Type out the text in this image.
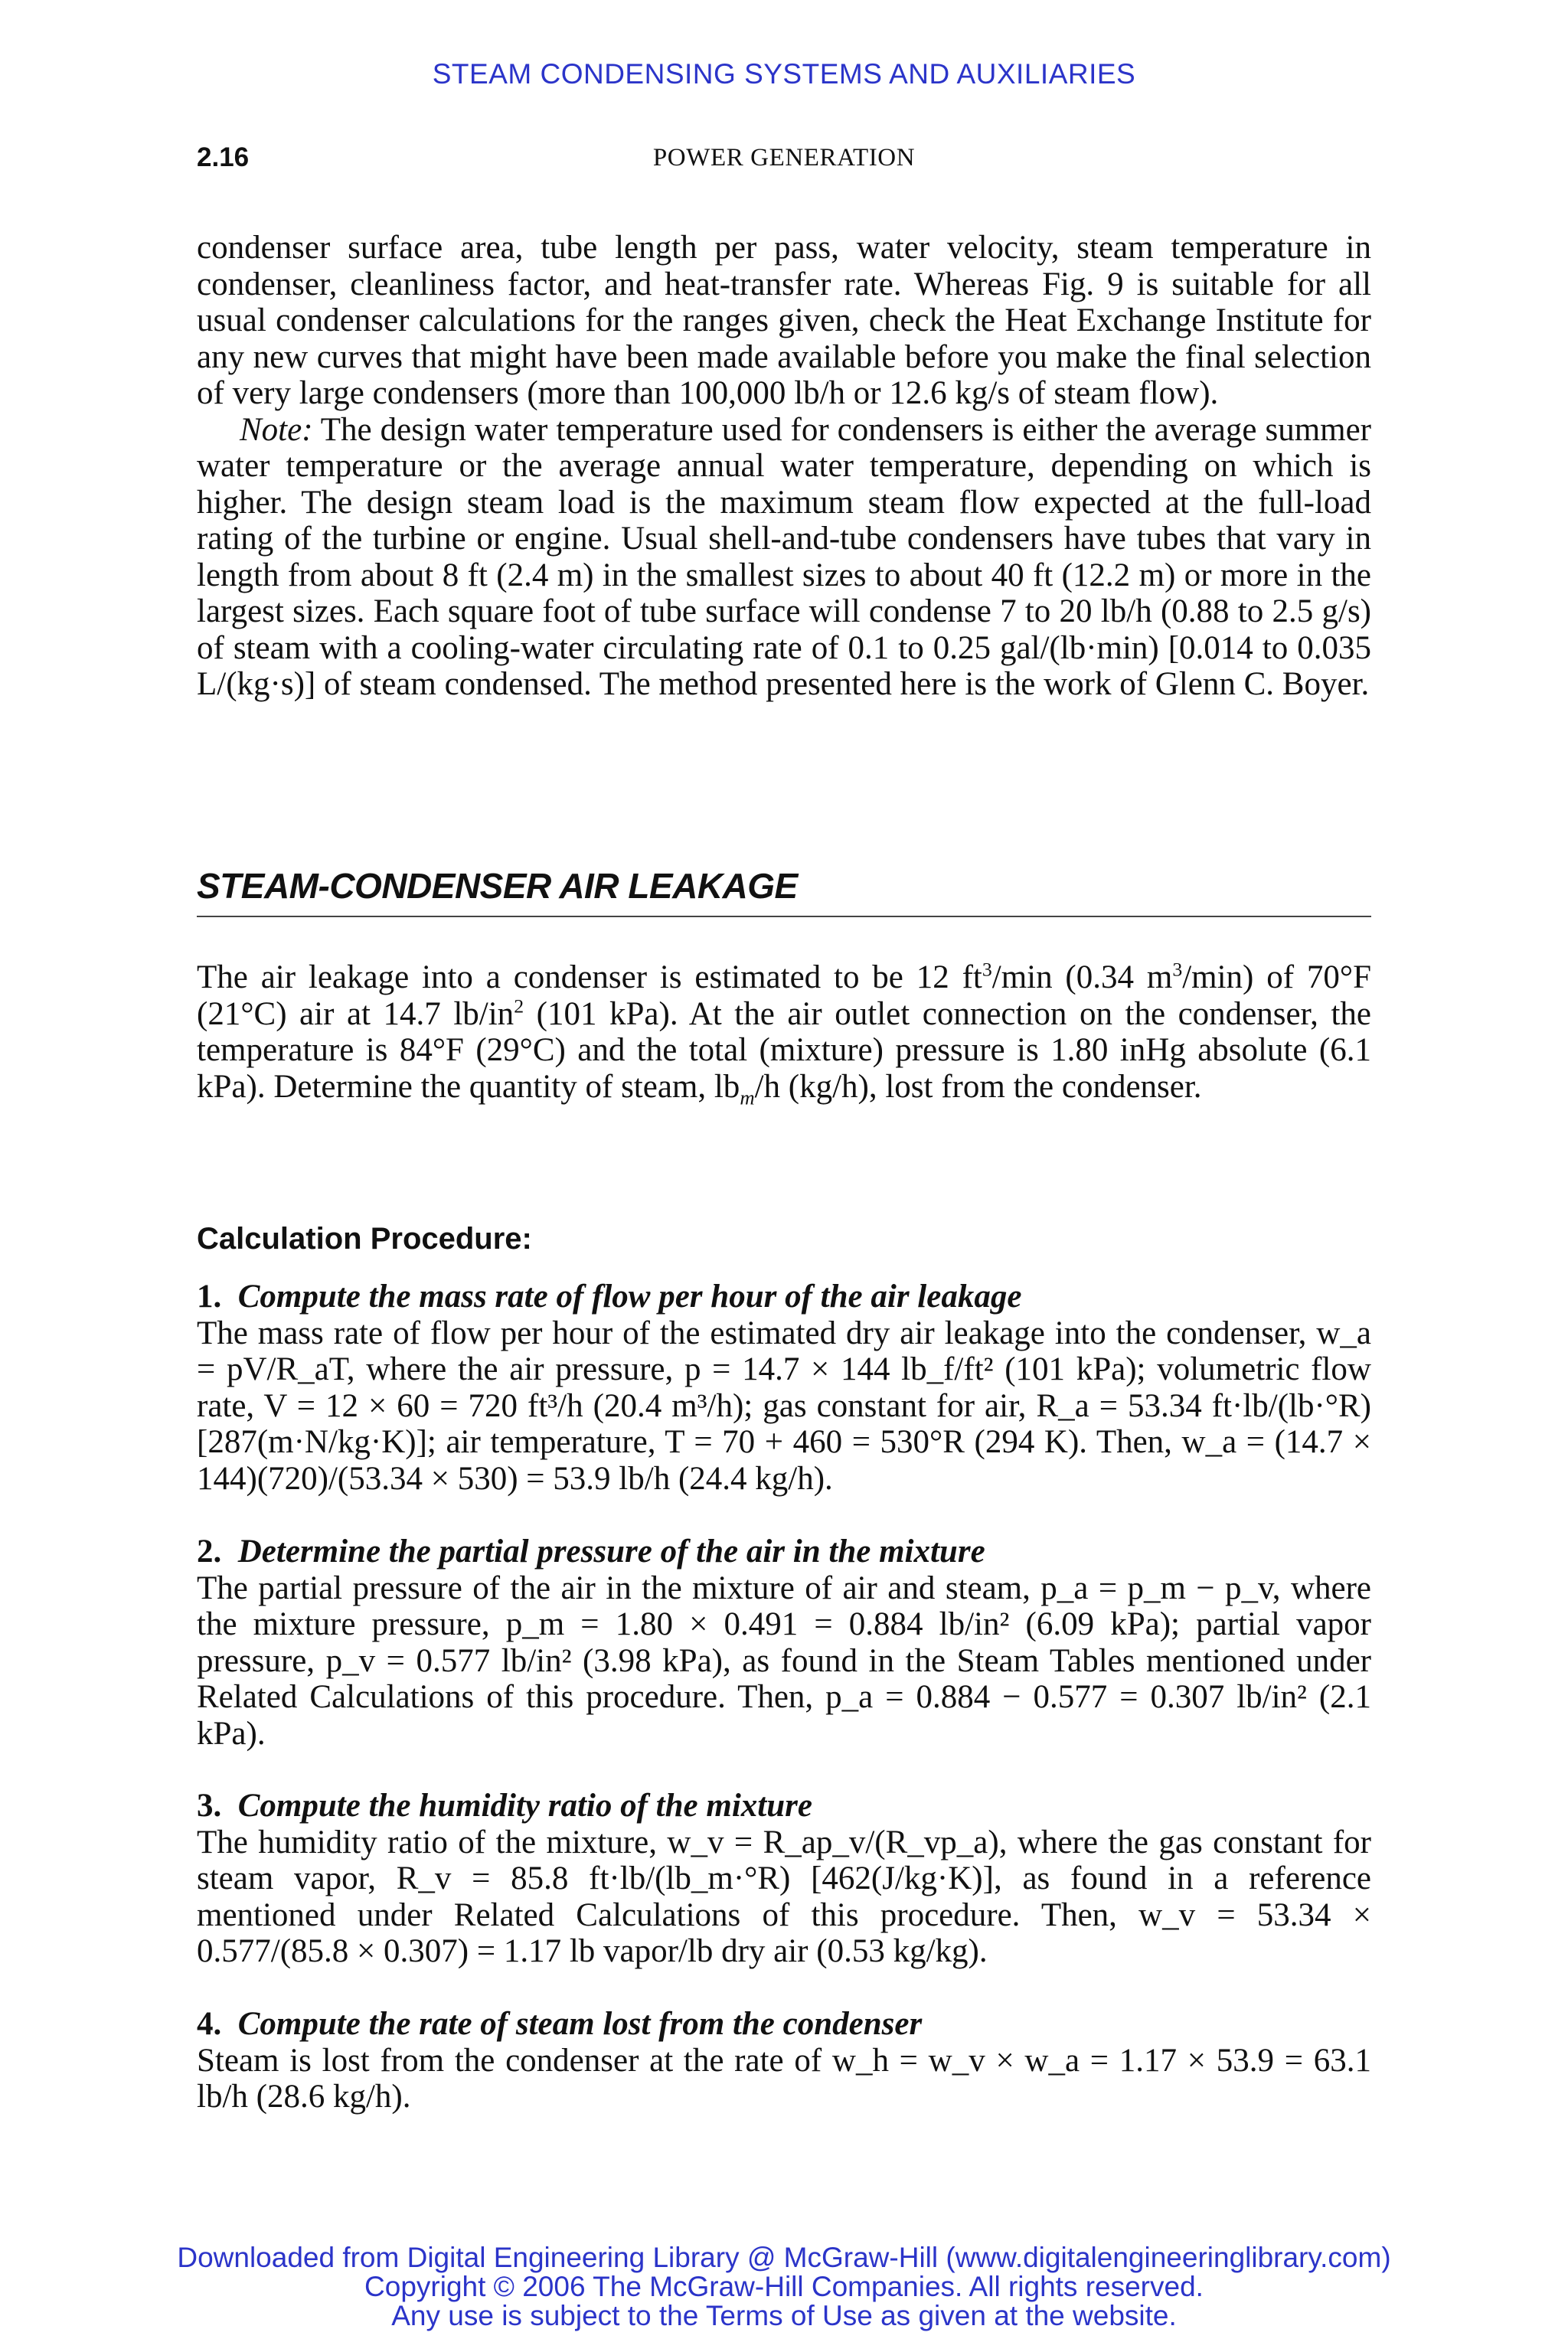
STEAM CONDENSING SYSTEMS AND AUXILIARIES
2.16	POWER GENERATION

condenser surface area, tube length per pass, water velocity, steam temperature in condenser, cleanliness factor, and heat-transfer rate. Whereas Fig. 9 is suitable for all usual condenser calculations for the ranges given, check the Heat Exchange Institute for any new curves that might have been made available before you make the final selection of very large condensers (more than 100,000 lb/h or 12.6 kg/s of steam flow).

Note: The design water temperature used for condensers is either the average summer water temperature or the average annual water temperature, depending on which is higher. The design steam load is the maximum steam flow expected at the full-load rating of the turbine or engine. Usual shell-and-tube condensers have tubes that vary in length from about 8 ft (2.4 m) in the smallest sizes to about 40 ft (12.2 m) or more in the largest sizes. Each square foot of tube surface will condense 7 to 20 lb/h (0.88 to 2.5 g/s) of steam with a cooling-water circulating rate of 0.1 to 0.25 gal/(lb·min) [0.014 to 0.035 L/(kg·s)] of steam condensed. The method presented here is the work of Glenn C. Boyer.

STEAM-CONDENSER AIR LEAKAGE

The air leakage into a condenser is estimated to be 12 $ft^3/\min$ (0.34 $m^3/\min$) of 70°F (21°C) air at 14.7 $lb/in^2$ (101 kPa). At the air outlet connection on the condenser, the temperature is 84°F (29°C) and the total (mixture) pressure is 1.80 inHg absolute (6.1 kPa). Determine the quantity of steam, $lb_m/h$ (kg/h), lost from the condenser.

Calculation Procedure:

1. Compute the mass rate of flow per hour of the air leakage

The mass rate of flow per hour of the estimated dry air leakage into the condenser, w_a = pV/R_aT, where the air pressure, p = 14.7 × 144 lb_f/ft² (101 kPa); volumetric flow rate, V = 12 × 60 = 720 ft³/h (20.4 m³/h); gas constant for air, R_a = 53.34 ft·lb/(lb·°R) [287(m·N/kg·K)]; air temperature, T = 70 + 460 = 530°R (294 K). Then, w_a = (14.7 × 144)(720)/(53.34 × 530) = 53.9 lb/h (24.4 kg/h).

2. Determine the partial pressure of the air in the mixture

The partial pressure of the air in the mixture of air and steam, p_a = p_m − p_v, where the mixture pressure, p_m = 1.80 × 0.491 = 0.884 lb/in² (6.09 kPa); partial vapor pressure, p_v = 0.577 lb/in² (3.98 kPa), as found in the Steam Tables mentioned under Related Calculations of this procedure. Then, p_a = 0.884 − 0.577 = 0.307 lb/in² (2.1 kPa).

3. Compute the humidity ratio of the mixture

The humidity ratio of the mixture, w_v = R_ap_v/(R_vp_a), where the gas constant for steam vapor, R_v = 85.8 ft·lb/(lb_m·°R) [462(J/kg·K)], as found in a reference mentioned under Related Calculations of this procedure. Then, w_v = 53.34 × 0.577/(85.8 × 0.307) = 1.17 lb vapor/lb dry air (0.53 kg/kg).

4. Compute the rate of steam lost from the condenser

Steam is lost from the condenser at the rate of w_h = w_v × w_a = 1.17 × 53.9 = 63.1 lb/h (28.6 kg/h).

Downloaded from Digital Engineering Library @ McGraw-Hill (www.digitalengineeringlibrary.com)
Copyright © 2006 The McGraw-Hill Companies. All rights reserved.
Any use is subject to the Terms of Use as given at the website.
